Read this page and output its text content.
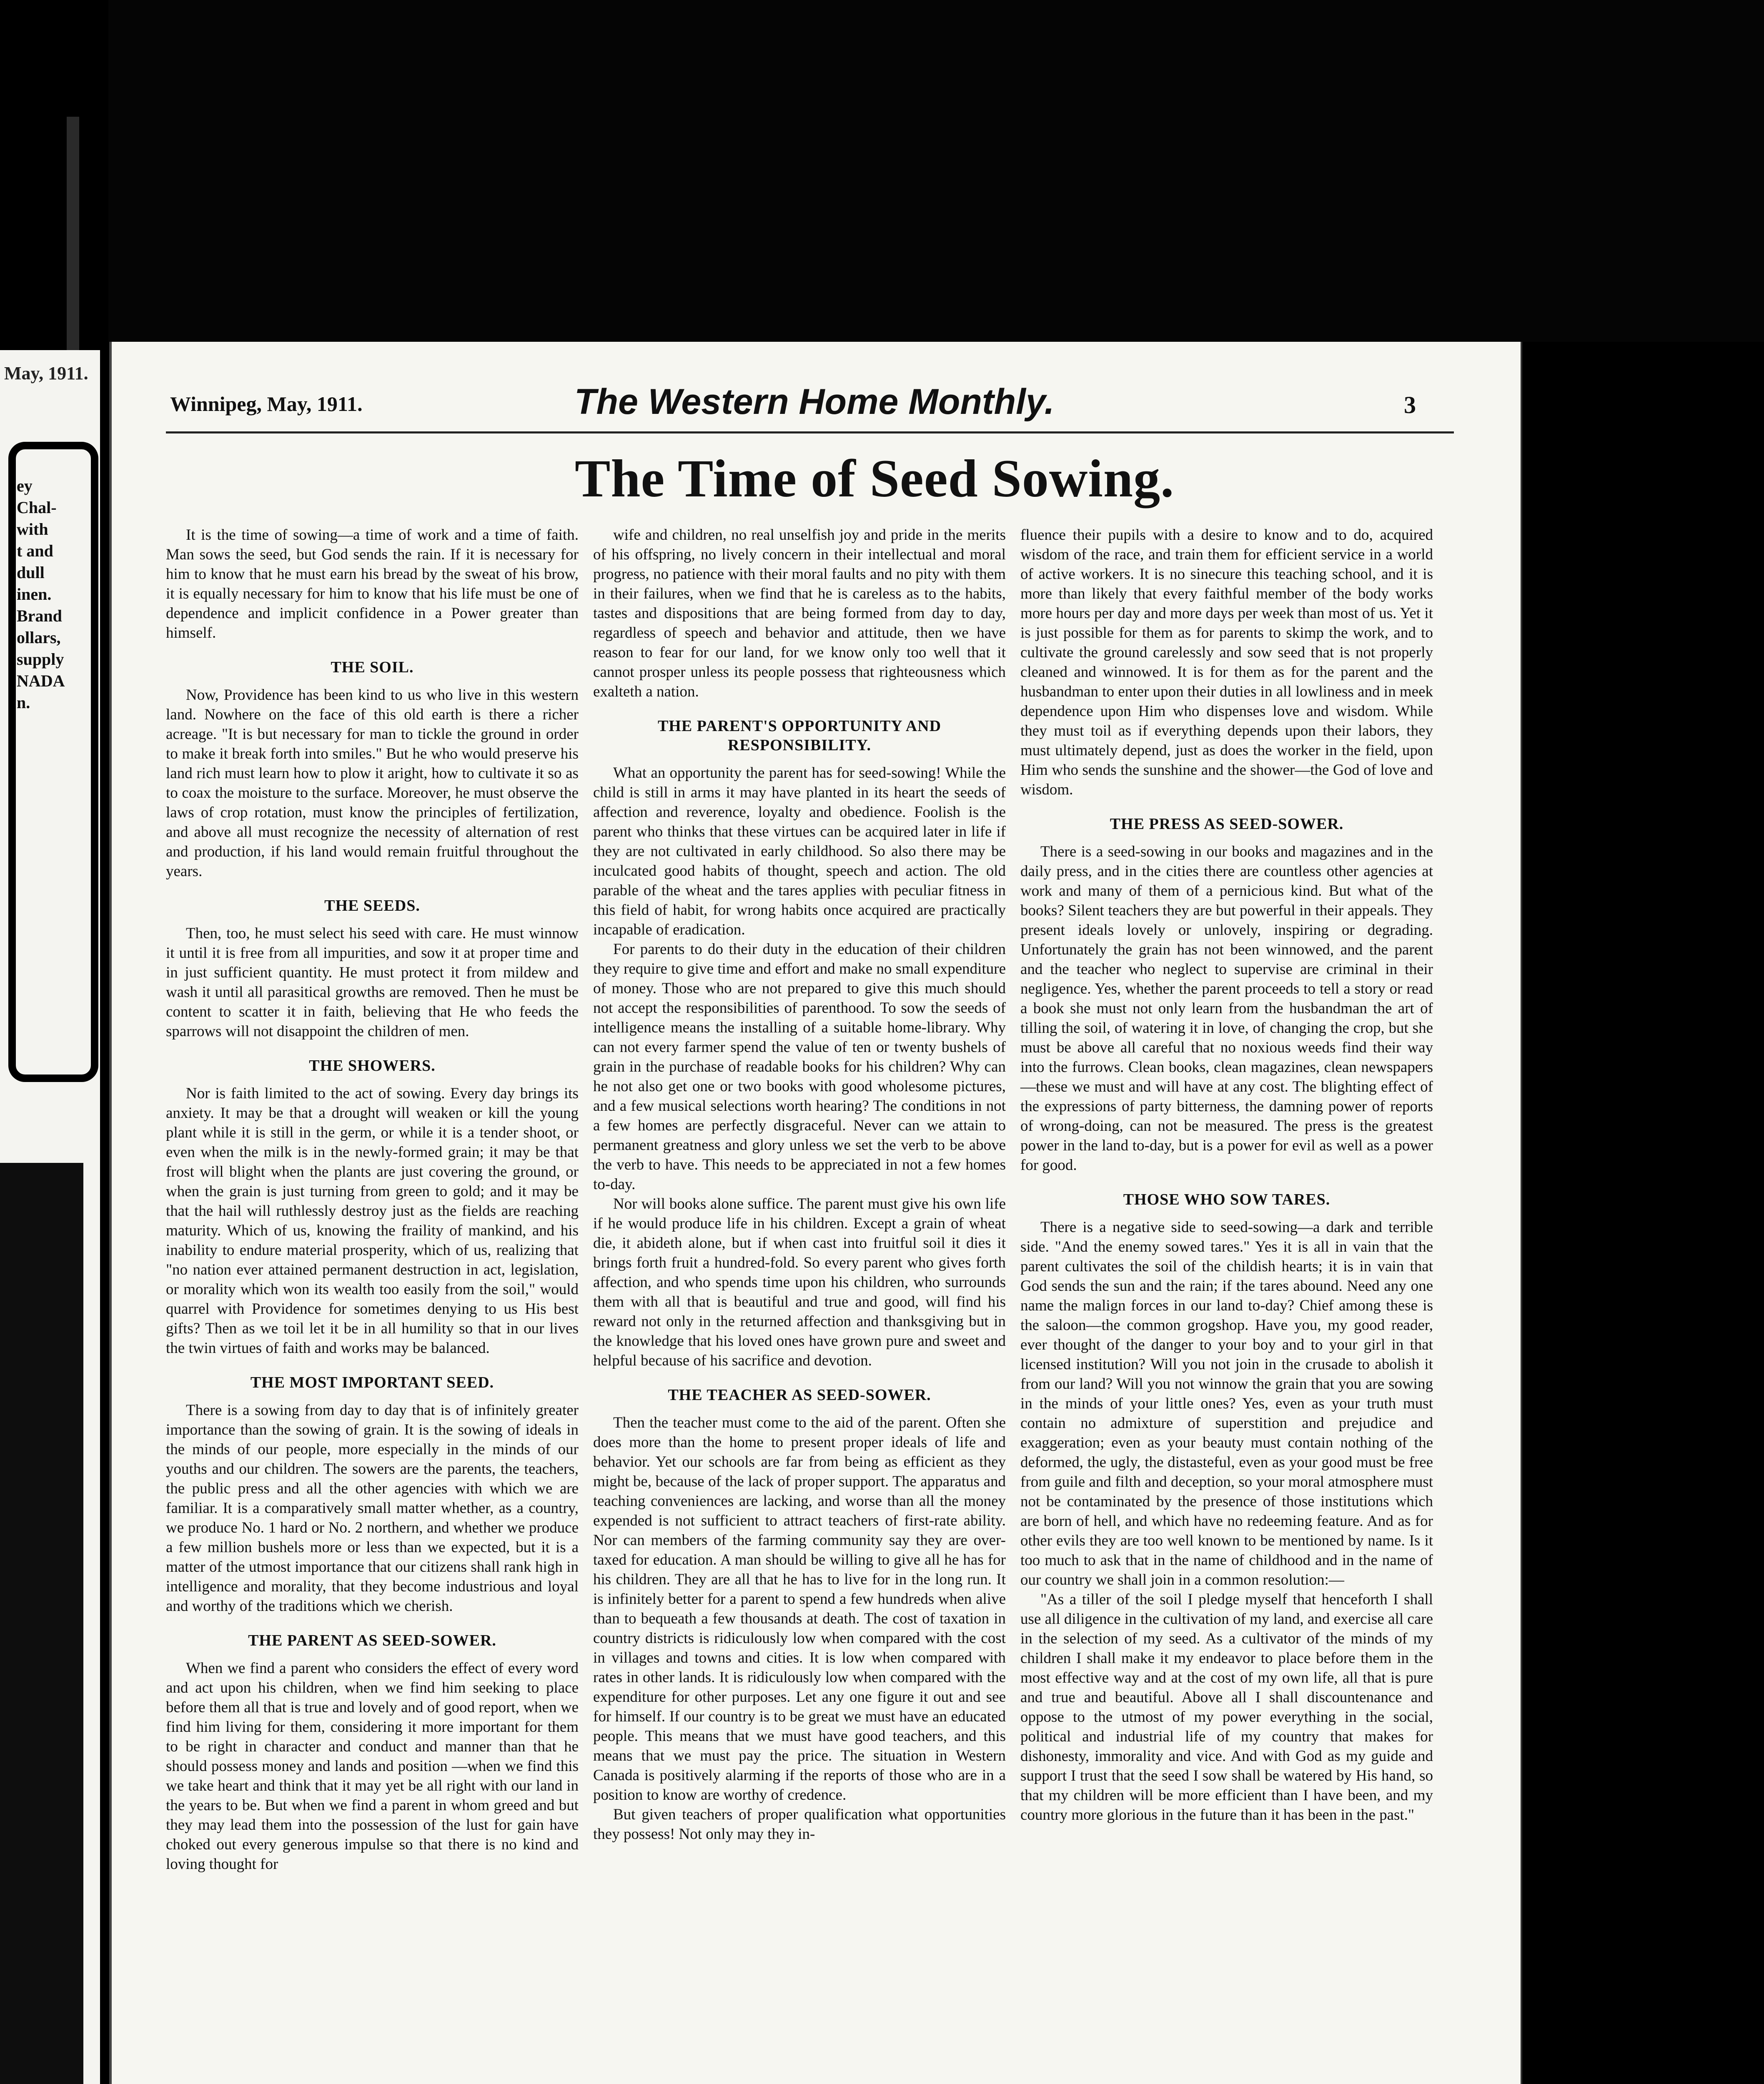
May, 1911.
ey
Chal-
with
t and
dull
inen.
Brand
ollars,
supply
NADA
n.
Winnipeg, May, 1911.	The Western Home Monthly.	3
The Time of Seed Sowing.

It is the time of sowing—a time of work and a time of faith. Man sows the seed, but God sends the rain. If it is necessary for him to know that he must earn his bread by the sweat of his brow, it is equally necessary for him to know that his life must be one of dependence and implicit confidence in a Power greater than himself.

THE SOIL.

Now, Providence has been kind to us who live in this western land. Nowhere on the face of this old earth is there a richer acreage. "It is but necessary for man to tickle the ground in order to make it break forth into smiles." But he who would preserve his land rich must learn how to plow it aright, how to cultivate it so as to coax the moisture to the surface. Moreover, he must observe the laws of crop rotation, must know the principles of fertilization, and above all must recognize the necessity of alternation of rest and production, if his land would remain fruitful throughout the years.

THE SEEDS.

Then, too, he must select his seed with care. He must winnow it until it is free from all impurities, and sow it at proper time and in just sufficient quantity. He must protect it from mildew and wash it until all parasitical growths are removed. Then he must be content to scatter it in faith, believing that He who feeds the sparrows will not disappoint the children of men.

THE SHOWERS.

Nor is faith limited to the act of sowing. Every day brings its anxiety. It may be that a drought will weaken or kill the young plant while it is still in the germ, or while it is a tender shoot, or even when the milk is in the newly-formed grain; it may be that frost will blight when the plants are just covering the ground, or when the grain is just turning from green to gold; and it may be that the hail will ruthlessly destroy just as the fields are reaching maturity. Which of us, knowing the fraility of mankind, and his inability to endure material prosperity, which of us, realizing that "no nation ever attained permanent destruction in act, legislation, or morality which won its wealth too easily from the soil," would quarrel with Providence for sometimes denying to us His best gifts? Then as we toil let it be in all humility so that in our lives the twin virtues of faith and works may be balanced.

THE MOST IMPORTANT SEED.

There is a sowing from day to day that is of infinitely greater importance than the sowing of grain. It is the sowing of ideals in the minds of our people, more especially in the minds of our youths and our children. The sowers are the parents, the teachers, the public press and all the other agencies with which we are familiar. It is a comparatively small matter whether, as a country, we produce No. 1 hard or No. 2 northern, and whether we produce a few million bushels more or less than we expected, but it is a matter of the utmost importance that our citizens shall rank high in intelligence and morality, that they become industrious and loyal and worthy of the traditions which we cherish.

THE PARENT AS SEED-SOWER.

When we find a parent who considers the effect of every word and act upon his children, when we find him seeking to place before them all that is true and lovely and of good report, when we find him living for them, considering it more important for them to be right in character and conduct and manner than that he should possess money and lands and position —when we find this we take heart and think that it may yet be all right with our land in the years to be. But when we find a parent in whom greed and but they may lead them into the possession of the lust for gain have choked out every generous impulse so that there is no kind and loving thought for

wife and children, no real unselfish joy and pride in the merits of his offspring, no lively concern in their intellectual and moral progress, no patience with their moral faults and no pity with them in their failures, when we find that he is careless as to the habits, tastes and dispositions that are being formed from day to day, regardless of speech and behavior and attitude, then we have reason to fear for our land, for we know only too well that it cannot prosper unless its people possess that righteousness which exalteth a nation.

THE PARENT'S OPPORTUNITY AND RESPONSIBILITY.

What an opportunity the parent has for seed-sowing! While the child is still in arms it may have planted in its heart the seeds of affection and reverence, loyalty and obedience. Foolish is the parent who thinks that these virtues can be acquired later in life if they are not cultivated in early childhood. So also there may be inculcated good habits of thought, speech and action. The old parable of the wheat and the tares applies with peculiar fitness in this field of habit, for wrong habits once acquired are practically incapable of eradication.

For parents to do their duty in the education of their children they require to give time and effort and make no small expenditure of money. Those who are not prepared to give this much should not accept the responsibilities of parenthood. To sow the seeds of intelligence means the installing of a suitable home-library. Why can not every farmer spend the value of ten or twenty bushels of grain in the purchase of readable books for his children? Why can he not also get one or two books with good wholesome pictures, and a few musical selections worth hearing? The conditions in not a few homes are perfectly disgraceful. Never can we attain to permanent greatness and glory unless we set the verb to be above the verb to have. This needs to be appreciated in not a few homes to-day.

Nor will books alone suffice. The parent must give his own life if he would produce life in his children. Except a grain of wheat die, it abideth alone, but if when cast into fruitful soil it dies it brings forth fruit a hundred-fold. So every parent who gives forth affection, and who spends time upon his children, who surrounds them with all that is beautiful and true and good, will find his reward not only in the returned affection and thanksgiving but in the knowledge that his loved ones have grown pure and sweet and helpful because of his sacrifice and devotion.

THE TEACHER AS SEED-SOWER.

Then the teacher must come to the aid of the parent. Often she does more than the home to present proper ideals of life and behavior. Yet our schools are far from being as efficient as they might be, because of the lack of proper support. The apparatus and teaching conveniences are lacking, and worse than all the money expended is not sufficient to attract teachers of first-rate ability. Nor can members of the farming community say they are over-taxed for education. A man should be willing to give all he has for his children. They are all that he has to live for in the long run. It is infinitely better for a parent to spend a few hundreds when alive than to bequeath a few thousands at death. The cost of taxation in country districts is ridiculously low when compared with the cost in villages and towns and cities. It is low when compared with rates in other lands. It is ridiculously low when compared with the expenditure for other purposes. Let any one figure it out and see for himself. If our country is to be great we must have an educated people. This means that we must have good teachers, and this means that we must pay the price. The situation in Western Canada is positively alarming if the reports of those who are in a position to know are worthy of credence.

But given teachers of proper qualification what opportunities they possess! Not only may they in-

fluence their pupils with a desire to know and to do, acquired wisdom of the race, and train them for efficient service in a world of active workers. It is no sinecure this teaching school, and it is more than likely that every faithful member of the body works more hours per day and more days per week than most of us. Yet it is just possible for them as for parents to skimp the work, and to cultivate the ground carelessly and sow seed that is not properly cleaned and winnowed. It is for them as for the parent and the husbandman to enter upon their duties in all lowliness and in meek dependence upon Him who dispenses love and wisdom. While they must toil as if everything depends upon their labors, they must ultimately depend, just as does the worker in the field, upon Him who sends the sunshine and the shower—the God of love and wisdom.

THE PRESS AS SEED-SOWER.

There is a seed-sowing in our books and magazines and in the daily press, and in the cities there are countless other agencies at work and many of them of a pernicious kind. But what of the books? Silent teachers they are but powerful in their appeals. They present ideals lovely or unlovely, inspiring or degrading. Unfortunately the grain has not been winnowed, and the parent and the teacher who neglect to supervise are criminal in their negligence. Yes, whether the parent proceeds to tell a story or read a book she must not only learn from the husbandman the art of tilling the soil, of watering it in love, of changing the crop, but she must be above all careful that no noxious weeds find their way into the furrows. Clean books, clean magazines, clean newspapers—these we must and will have at any cost. The blighting effect of the expressions of party bitterness, the damning power of reports of wrong-doing, can not be measured. The press is the greatest power in the land to-day, but is a power for evil as well as a power for good.

THOSE WHO SOW TARES.

There is a negative side to seed-sowing—a dark and terrible side. "And the enemy sowed tares." Yes it is all in vain that the parent cultivates the soil of the childish hearts; it is in vain that God sends the sun and the rain; if the tares abound. Need any one name the malign forces in our land to-day? Chief among these is the saloon—the common grogshop. Have you, my good reader, ever thought of the danger to your boy and to your girl in that licensed institution? Will you not join in the crusade to abolish it from our land? Will you not winnow the grain that you are sowing in the minds of your little ones? Yes, even as your truth must contain no admixture of superstition and prejudice and exaggeration; even as your beauty must contain nothing of the deformed, the ugly, the distasteful, even as your good must be free from guile and filth and deception, so your moral atmosphere must not be contaminated by the presence of those institutions which are born of hell, and which have no redeeming feature. And as for other evils they are too well known to be mentioned by name. Is it too much to ask that in the name of childhood and in the name of our country we shall join in a common resolution:—

"As a tiller of the soil I pledge myself that henceforth I shall use all diligence in the cultivation of my land, and exercise all care in the selection of my seed. As a cultivator of the minds of my children I shall make it my endeavor to place before them in the most effective way and at the cost of my own life, all that is pure and true and beautiful. Above all I shall discountenance and oppose to the utmost of my power everything in the social, political and industrial life of my country that makes for dishonesty, immorality and vice. And with God as my guide and support I trust that the seed I sow shall be watered by His hand, so that my children will be more efficient than I have been, and my country more glorious in the future than it has been in the past."
